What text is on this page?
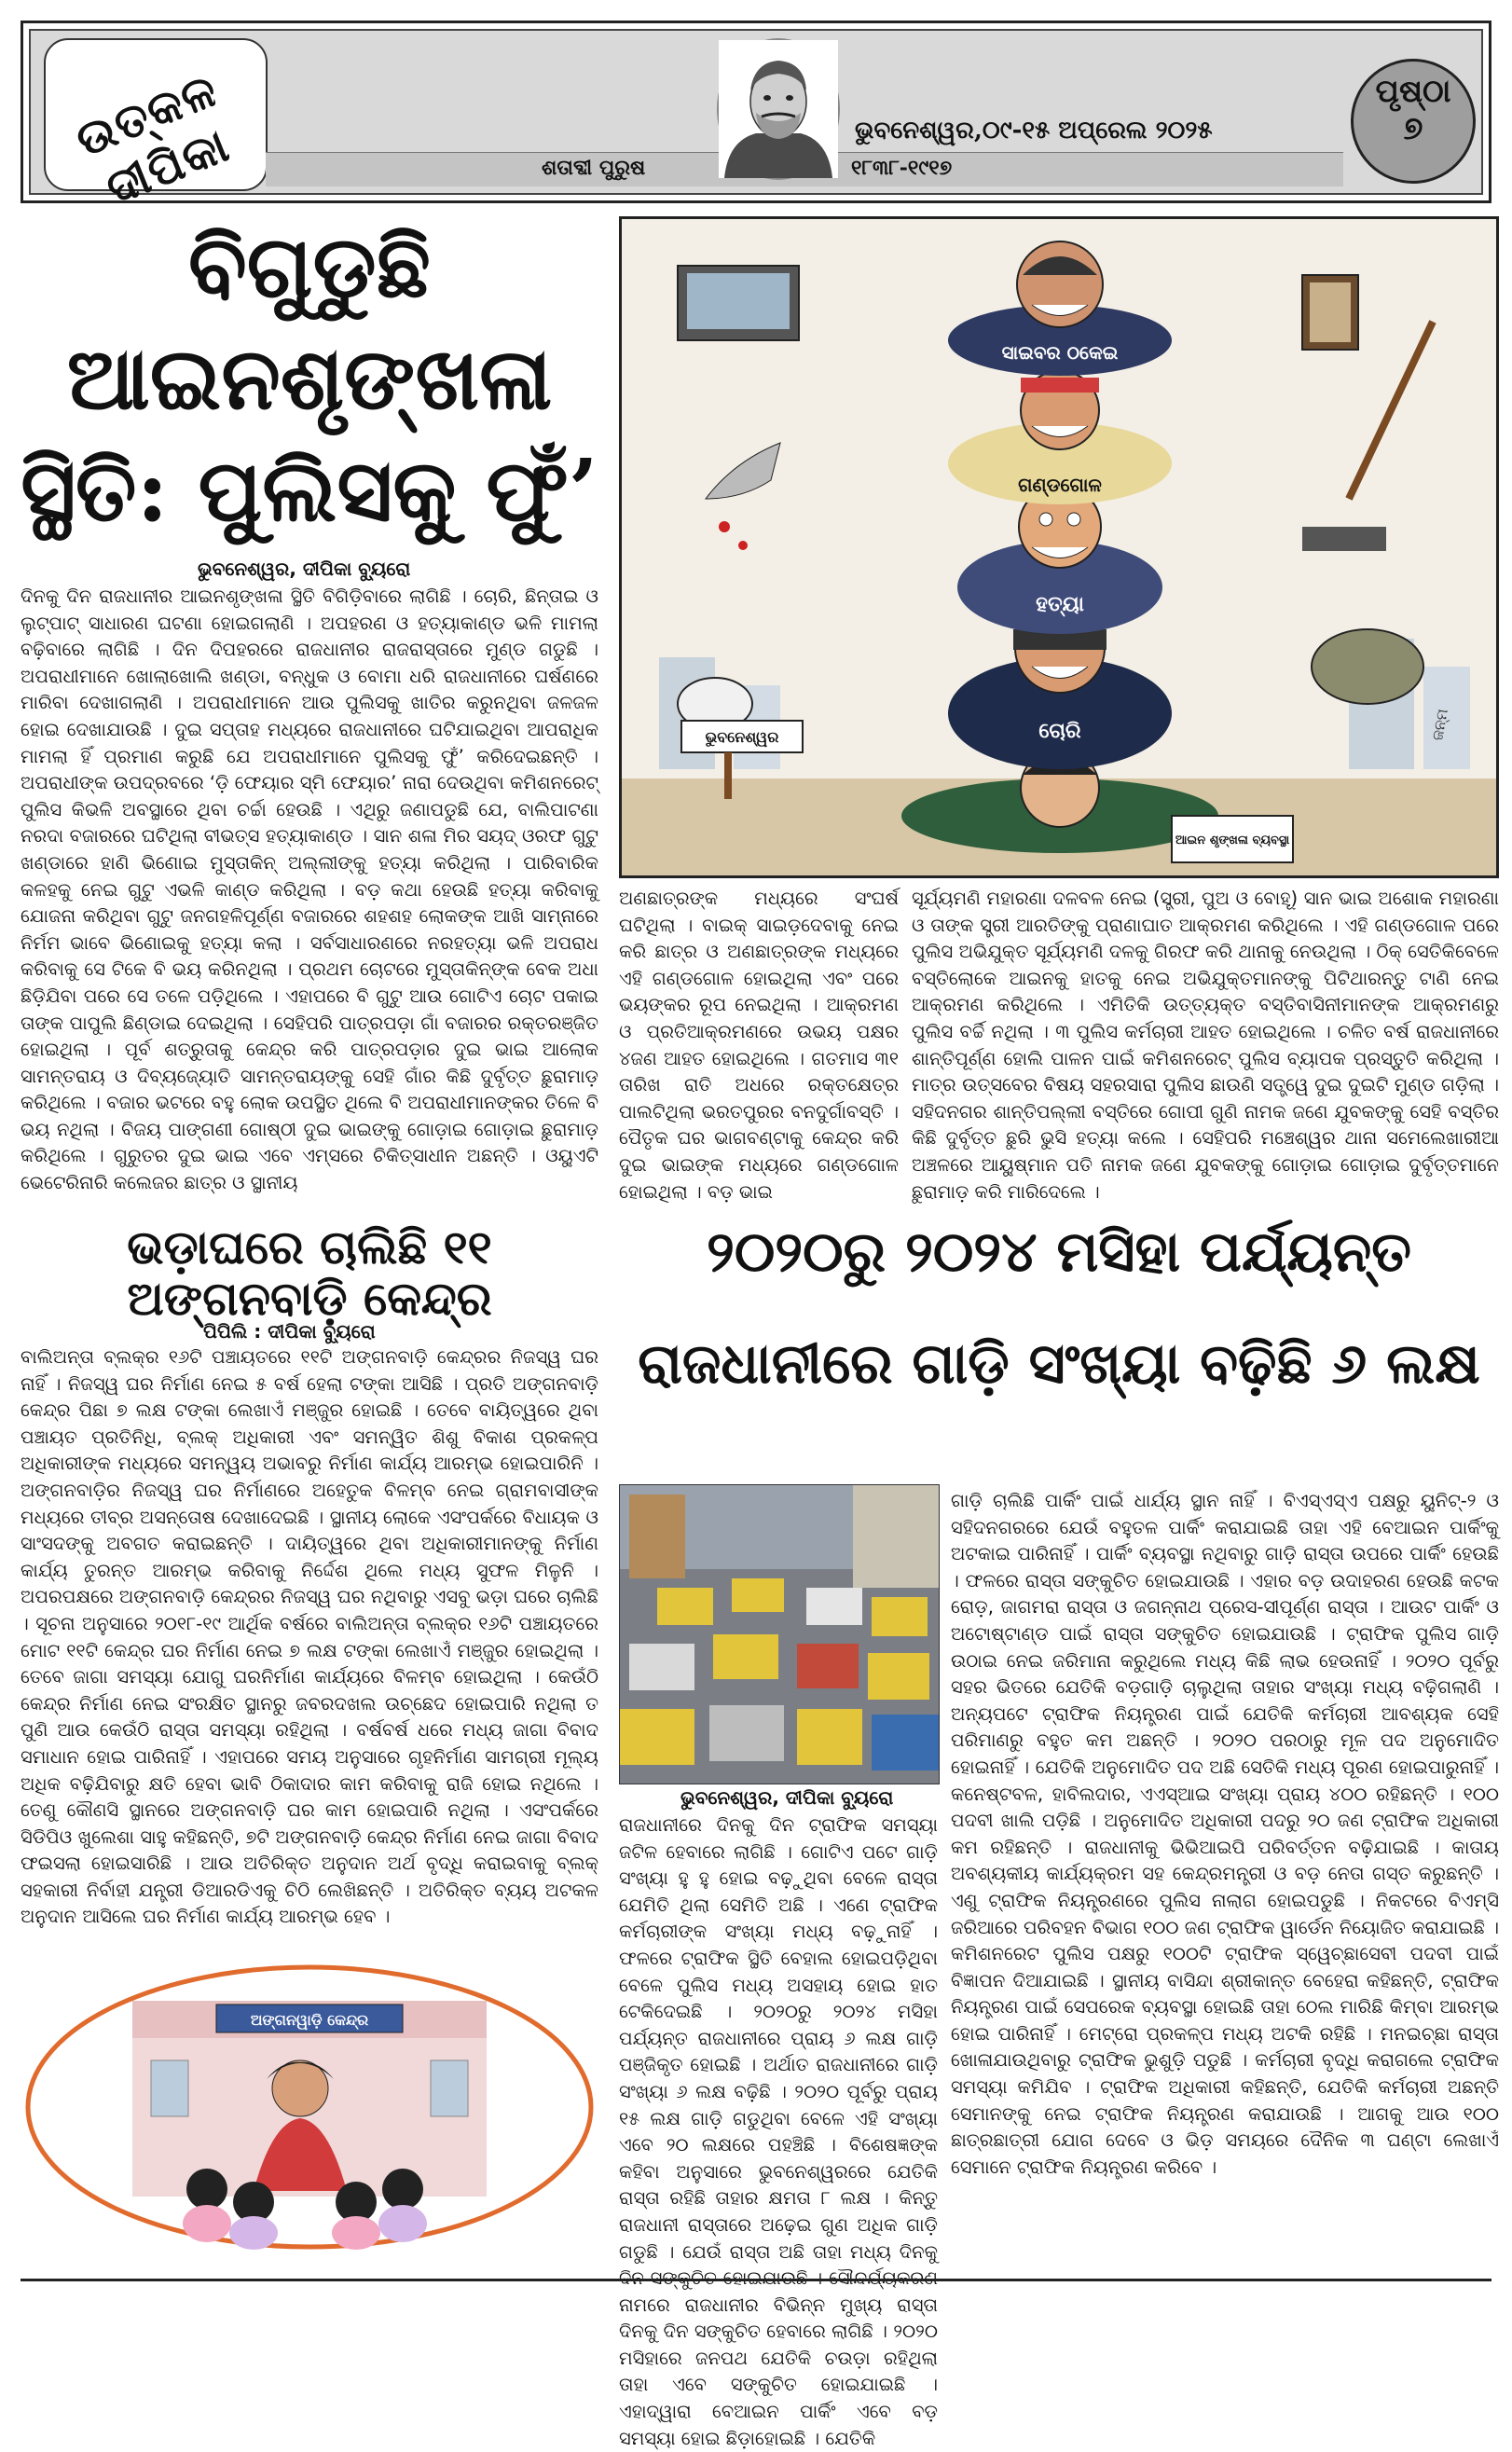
ଉତ୍କଳ ଦୀପିକା	ଶତାବ୍ଦୀ ପୁରୁଷ	୧୮୩୮-୧୯୧୭
ଭୁବନେଶ୍ୱର,୦୯-୧୫ ଅପ୍ରେଲ ୨୦୨୫
ପୃଷ୍ଠା
୭
ବିଗୁଡୁଛି
ଆଇନଶୃଙ୍ଖଳା
ସ୍ଥିତି: ପୁଲିସକୁ ଫୁଁ’
ଭୁବନେଶ୍ୱର, ଦୀପିକା ବ୍ୟୁରୋ
ଦିନକୁ ଦିନ ରାଜଧାନୀର ଆଇନଶୃଙ୍ଖଳା ସ୍ଥିତି ବିଗିଡ଼ିବାରେ ଲାଗିଛି । ଚୋରି, ଛିନ୍ତାଇ ଓ ଲୁଟ୍‌ପାଟ୍ ସାଧାରଣ ଘଟଣା ହୋଇଗଲାଣି । ଅପହରଣ ଓ ହତ୍ୟାକାଣ୍ଡ ଭଳି ମାମଲା ବଢ଼ିବାରେ ଲାଗିଛି । ଦିନ ଦିପହରରେ ରାଜଧାନୀର ରାଜରାସ୍ତାରେ ମୁଣ୍ଡ ଗଡୁଛି । ଅପରାଧୀମାନେ ଖୋଲାଖୋଲି ଖଣ୍ଡା, ବନ୍ଧୁକ ଓ ବୋମା ଧରି ରାଜଧାନୀରେ ଘର୍ଷଣରେ ମାରିବା ଦେଖାଗଲାଣି । ଅପରାଧୀମାନେ ଆଉ ପୁଲିସକୁ ଖାତିର କରୁନଥିବା ଜଳଜଳ ହୋଇ ଦେଖାଯାଉଛି । ଦୁଇ ସପ୍ତାହ ମଧ୍ୟରେ ରାଜଧାନୀରେ ଘଟିଯାଇଥିବା ଆପରାଧିକ ମାମଲା ହିଁ ପ୍ରମାଣ କରୁଛି ଯେ ଅପରାଧୀମାନେ ପୁଲିସକୁ ଫୁଁ’ କରିଦେଇଛନ୍ତି । ଅପରାଧୀଙ୍କ ଉପଦ୍ରବରେ ‘ଡ଼ି ଫେୟାର ସ୍ମି ଫେୟାର’ ନାରା ଦେଉଥିବା କମିଶନରେଟ୍ ପୁଲିସ କିଭଳି ଅବସ୍ଥାରେ ଥିବା ଚର୍ଚ୍ଚା ହେଉଛି । ଏଥିରୁ ଜଣାପଡୁଛି ଯେ, ବାଲିପାଟଣା ନରଦା ବଜାରରେ ଘଟିଥିଲା ବୀଭତ୍ସ ହତ୍ୟାକାଣ୍ଡ । ସାନ ଶଳା ମିର ସୟଦ୍ ଓରଫ ଗୁଟୁ ଖଣ୍ଡାରେ ହାଣି ଭିଣୋଇ ମୁସ୍ତାକିନ୍ ଅଲ୍ଲୀଙ୍କୁ ହତ୍ୟା କରିଥିଲା । ପାରିବାରିକ କଳହକୁ ନେଇ ଗୁଟୁ ଏଭଳି କାଣ୍ଡ କରିଥିଲା । ବଡ଼ କଥା ହେଉଛି ହତ୍ୟା କରିବାକୁ ଯୋଜନା କରିଥିବା ଗୁଟୁ ଜନଗହଳିପୂର୍ଣ୍ଣ ବଜାରରେ ଶହଶହ ଲୋକଙ୍କ ଆଖି ସାମ୍ନାରେ ନିର୍ମମ ଭାବେ ଭିଣୋଇକୁ ହତ୍ୟା କଲା । ସର୍ବସାଧାରଣରେ ନରହତ୍ୟା ଭଳି ଅପରାଧ କରିବାକୁ ସେ ଟିକେ ବି ଭୟ କରିନଥିଲା । ପ୍ରଥମ ଚୋଟରେ ମୁସ୍ତାକିନ୍‌ଙ୍କ ବେକ ଅଧା ଛିଡ଼ିଯିବା ପରେ ସେ ତଳେ ପଡ଼ିଥିଲେ । ଏହାପରେ ବି ଗୁଟୁ ଆଉ ଗୋଟିଏ ଚୋଟ ପକାଇ ତାଙ୍କ ପାପୁଲି ଛିଣ୍ଡାଇ ଦେଇଥିଲା । ସେହିପରି ପାତ୍ରପଡ଼ା ଗାଁ ବଜାରର ରକ୍ତରଞ୍ଜିତ ହୋଇଥିଲା । ପୂର୍ବ ଶତ୍ରୁତାକୁ କେନ୍ଦ୍ର କରି ପାତ୍ରପଡ଼ାର ଦୁଇ ଭାଇ ଆଲୋକ ସାମନ୍ତରାୟ ଓ ଦିବ୍ୟଜ୍ୟୋତି ସାମନ୍ତରାୟଙ୍କୁ ସେହି ଗାଁର କିଛି ଦୁର୍ବୃତ୍ତ ଛୁରାମାଡ଼ କରିଥିଲେ । ବଜାର ଭଟରେ ବହୁ ଲୋକ ଉପସ୍ଥିତ ଥିଲେ ବି ଅପରାଧୀମାନଙ୍କର ତିଳେ ବି ଭୟ ନଥିଲା । ବିଜୟ ପାଙ୍ଗଣୀ ଗୋଷ୍ଠୀ ଦୁଇ ଭାଇଙ୍କୁ ଗୋଡ଼ାଇ ଗୋଡ଼ାଇ ଛୁରାମାଡ଼ କରିଥିଲେ । ଗୁରୁତର ଦୁଇ ଭାଇ ଏବେ ଏମ୍ସରେ ଚିକିତ୍ସାଧୀନ ଅଛନ୍ତି । ଓୟୁଏଟି ଭେଟେରିନାରି କଲେଜର ଛାତ୍ର ଓ ସ୍ଥାନୀୟ
ସାଇବର ଠକେଇ
ଗଣ୍ଡଗୋଳ
ହତ୍ୟା
ଚୋରି
ଭୁବନେଶ୍ୱର
ଆଇନ ଶୃଙ୍ଖଳା ବ୍ୟବସ୍ଥା
ଜନ୍ମ
ଅଣଛାତ୍ରଙ୍କ ମଧ୍ୟରେ ସଂଘର୍ଷ ଘଟିଥିଲା । ବାଇକ୍ ସାଇଡ଼ଦେବାକୁ ନେଇ କରି ଛାତ୍ର ଓ ଅଣଛାତ୍ରଙ୍କ ମଧ୍ୟରେ ଏହି ଗଣ୍ଡଗୋଳ ହୋଇଥିଲା ଏବଂ ପରେ ଭୟଙ୍କର ରୂପ ନେଇଥିଲା । ଆକ୍ରମଣ ଓ ପ୍ରତିଆକ୍ରମଣରେ ଉଭୟ ପକ୍ଷର ୪ଜଣ ଆହତ ହୋଇଥିଲେ । ଗତମାସ ୩୧ ତାରିଖ ରାତି ଅଧରେ ରକ୍ତକ୍ଷେତ୍ର ପାଲଟିଥିଲା ଭରତପୁରର ବନଦୁର୍ଗାବସ୍ତି । ପୈତୃକ ଘର ଭାଗବଣ୍ଟାକୁ କେନ୍ଦ୍ର କରି ଦୁଇ ଭାଇଙ୍କ ମଧ୍ୟରେ ଗଣ୍ଡଗୋଳ ହୋଇଥିଲା । ବଡ଼ ଭାଇ
ସୂର୍ଯ୍ୟମଣି ମହାରଣା ଦଳବଳ ନେଇ (ସ୍ତ୍ରୀ, ପୁଅ ଓ ବୋହୂ) ସାନ ଭାଇ ଅଶୋକ ମହାରଣା ଓ ତାଙ୍କ ସ୍ତ୍ରୀ ଆରତିଙ୍କୁ ପ୍ରାଣାଘାତ ଆକ୍ରମଣ କରିଥିଲେ । ଏହି ଗଣ୍ଡଗୋଳ ପରେ ପୁଲିସ ଅଭିଯୁକ୍ତ ସୂର୍ଯ୍ୟମଣି ଦଳକୁ ଗିରଫ କରି ଥାନାକୁ ନେଉଥିଲା । ଠିକ୍ ସେତିକିବେଳେ ବସ୍ତିଲୋକେ ଆଇନକୁ ହାତକୁ ନେଇ ଅଭିଯୁକ୍ତମାନଙ୍କୁ ପିଟିଥାରନ୍ତୁ ଟାଣି ନେଇ ଆକ୍ରମଣ କରିଥିଲେ । ଏମିତିକି ଉତ୍ତ୍ୟକ୍ତ ବସ୍ତିବାସିନୀମାନଙ୍କ ଆକ୍ରମଣରୁ ପୁଲିସ ବର୍ଚ୍ଚି ନଥିଲା । ୩ ପୁଲିସ କର୍ମଚାରୀ ଆହତ ହୋଇଥିଲେ । ଚଳିତ ବର୍ଷ ରାଜଧାନୀରେ ଶାନ୍ତିପୂର୍ଣ୍ଣ ହୋଲି ପାଳନ ପାଇଁ କମିଶନରେଟ୍ ପୁଲିସ ବ୍ୟାପକ ପ୍ରସ୍ତୁତି କରିଥିଲା । ମାତ୍ର ଉତ୍ସବେର ବିଷୟ ସହରସାରା ପୁଲିସ ଛାଉଣି ସତ୍ତ୍ୱେ ଦୁଇ ଦୁଇଟି ମୁଣ୍ଡ ଗଡ଼ିଲା । ସହିଦନଗର ଶାନ୍ତିପଲ୍ଲୀ ବସ୍ତିରେ ଗୋପୀ ଗୁଣି ନାମକ ଜଣେ ଯୁବକଙ୍କୁ ସେହି ବସ୍ତିର କିଛି ଦୁର୍ବୃତ୍ତ ଛୁରି ଭୁସି ହତ୍ୟା କଲେ । ସେହିପରି ମଞ୍ଚେଶ୍ୱର ଥାନା ସମେଲେଖାରୀଆ ଅଞ୍ଚଳରେ ଆୟୁଷ୍ମାନ ପତି ନାମକ ଜଣେ ଯୁବକଙ୍କୁ ଗୋଡ଼ାଇ ଗୋଡ଼ାଇ ଦୁର୍ବୃତ୍ତମାନେ ଛୁରାମାଡ଼ କରି ମାରିଦେଲେ ।
ଭଡ଼ାଘରେ ଚାଲିଛି ୧୧ ଅଙ୍ଗନବାଡ଼ି କେନ୍ଦ୍ର
ପିପିଲି : ଦୀପିକା ବ୍ୟୁରୋ
ବାଲିଅନ୍ତା ବ୍ଲକ୍‌ର ୧୬ଟି ପଞ୍ଚାୟତରେ ୧୧ଟି ଅଙ୍ଗନବାଡ଼ି କେନ୍ଦ୍ରର ନିଜସ୍ୱ ଘର ନାହିଁ । ନିଜସ୍ୱ ଘର ନିର୍ମାଣ ନେଇ ୫ ବର୍ଷ ହେଲା ଟଙ୍କା ଆସିଛି । ପ୍ରତି ଅଙ୍ଗନବାଡ଼ି କେନ୍ଦ୍ର ପିଛା ୭ ଲକ୍ଷ ଟଙ୍କା ଲେଖାଏଁ ମଞ୍ଜୁର ହୋଇଛି । ତେବେ ବାୟିତ୍ୱରେ ଥିବା ପଞ୍ଚାୟତ ପ୍ରତିନିଧି, ବ୍ଲକ୍ ଅଧିକାରୀ ଏବଂ ସମନ୍ୱିତ ଶିଶୁ ବିକାଶ ପ୍ରକଳ୍ପ ଅଧିକାରୀଙ୍କ ମଧ୍ୟରେ ସମନ୍ୱୟ ଅଭାବରୁ ନିର୍ମାଣ କାର୍ଯ୍ୟ ଆରମ୍ଭ ହୋଇପାରିନି । ଅଙ୍ଗନବାଡ଼ିର ନିଜସ୍ୱ ଘର ନିର୍ମାଣରେ ଅହେତୁକ ବିଳମ୍ବ ନେଇ ଗ୍ରାମବାସୀଙ୍କ ମଧ୍ୟରେ ତୀବ୍ର ଅସନ୍ତୋଷ ଦେଖାଦେଇଛି । ସ୍ଥାନୀୟ ଲୋକେ ଏସଂପର୍କରେ ବିଧାୟକ ଓ ସାଂସଦଙ୍କୁ ଅବଗତ କରାଇଛନ୍ତି । ଦାୟିତ୍ୱରେ ଥିବା ଅଧିକାରୀମାନଙ୍କୁ ନିର୍ମାଣ କାର୍ଯ୍ୟ ତୁରନ୍ତ ଆରମ୍ଭ କରିବାକୁ ନିର୍ଦ୍ଦେଶ ଥିଲେ ମଧ୍ୟ ସୁଫଳ ମିଳୁନି । ଅପରପକ୍ଷରେ ଅଙ୍ଗନବାଡ଼ି କେନ୍ଦ୍ରର ନିଜସ୍ୱ ଘର ନଥିବାରୁ ଏସବୁ ଭଡ଼ା ଘରେ ଚାଲିଛି । ସୂଚନା ଅନୁସାରେ ୨୦୧୮-୧୯ ଆର୍ଥିକ ବର୍ଷରେ ବାଲିଅନ୍ତା ବ୍ଲକ୍‌ର ୧୬ଟି ପଞ୍ଚାୟତରେ ମୋଟ ୧୧ଟି କେନ୍ଦ୍ର ଘର ନିର୍ମାଣ ନେଇ ୭ ଲକ୍ଷ ଟଙ୍କା ଲେଖାଏଁ ମଞ୍ଜୁର ହୋଇଥିଲା । ତେବେ ଜାଗା ସମସ୍ୟା ଯୋଗୁ ଘରନିର୍ମାଣ କାର୍ଯ୍ୟରେ ବିଳମ୍ବ ହୋଇଥିଲା । କେଉଁଠି କେନ୍ଦ୍ର ନିର୍ମାଣ ନେଇ ସଂରକ୍ଷିତ ସ୍ଥାନରୁ ଜବରଦଖଲ ଉଚ୍ଛେଦ ହୋଇପାରି ନଥିଲା ତ ପୁଣି ଆଉ କେଉଁଠି ରାସ୍ତା ସମସ୍ୟା ରହିଥିଲା । ବର୍ଷବର୍ଷ ଧରେ ମଧ୍ୟ ଜାଗା ବିବାଦ ସମାଧାନ ହୋଇ ପାରିନାହିଁ । ଏହାପରେ ସମୟ ଅନୁସାରେ ଗୃହନିର୍ମାଣ ସାମଗ୍ରୀ ମୂଲ୍ୟ ଅଧିକ ବଢ଼ିଯିବାରୁ କ୍ଷତି ହେବା ଭାବି ଠିକାଦାର କାମ କରିବାକୁ ରାଜି ହୋଇ ନଥିଲେ । ତେଣୁ କୌଣସି ସ୍ଥାନରେ ଅଙ୍ଗନବାଡ଼ି ଘର କାମ ହୋଇପାରି ନଥିଲା । ଏସଂପର୍କରେ ସିଡିପିଓ ଖୁଲେଶା ସାହୁ କହିଛନ୍ତି, ୭ଟି ଅଙ୍ଗନବାଡ଼ି କେନ୍ଦ୍ର ନିର୍ମାଣ ନେଇ ଜାଗା ବିବାଦ ଫଇସଲା ହୋଇସାରିଛି । ଆଉ ଅତିରିକ୍ତ ଅନୁଦାନ ଅର୍ଥ ବୃଦ୍ଧି କରାଇବାକୁ ବ୍ଲକ୍ ସହକାରୀ ନିର୍ବାହୀ ଯନ୍ତ୍ରୀ ଡିଆରଡିଏକୁ ଚିଠି ଲେଖିଛନ୍ତି । ଅତିରିକ୍ତ ବ୍ୟୟ ଅଟକଳ ଅନୁଦାନ ଆସିଲେ ଘର ନିର୍ମାଣ କାର୍ଯ୍ୟ ଆରମ୍ଭ ହେବ ।
ଅଙ୍ଗନୱାଡ଼ି କେନ୍ଦ୍ର
୨୦୨୦ରୁ ୨୦୨୪ ମସିହା ପର୍ଯ୍ୟନ୍ତ
ରାଜଧାନୀରେ ଗାଡ଼ି ସଂଖ୍ୟା ବଢ଼ିଛି ୬ ଲକ୍ଷ
ଗାଡ଼ି ଚାଲିଛି ପାର୍କିଂ ପାଇଁ ଧାର୍ଯ୍ୟ ସ୍ଥାନ ନାହିଁ । ବିଏସ୍‌ଏସ୍‌ଏ ପକ୍ଷରୁ ୟୁନିଟ୍-୨ ଓ ସହିଦନଗରରେ ଯେଉଁ ବହୁତଳ ପାର୍କିଂ କରାଯାଇଛି ତାହା ଏହି ବେଆଇନ ପାର୍କିଂକୁ ଅଟକାଇ ପାରିନାହିଁ । ପାର୍କିଂ ବ୍ୟବସ୍ଥା ନଥିବାରୁ ଗାଡ଼ି ରାସ୍ତା ଉପରେ ପାର୍କିଂ ହେଉଛି । ଫଳରେ ରାସ୍ତା ସଙ୍କୁଚିତ ହୋଇଯାଉଛି । ଏହାର ବଡ଼ ଉଦାହରଣ ହେଉଛି କଟକ ରୋଡ଼, ଜାଗମରା ରାସ୍ତା ଓ ଜଗନ୍ନାଥ ପ୍ରେସ-ସୀପୂର୍ଣ୍ଣ ରାସ୍ତା । ଆଉଟ ପାର୍କିଂ ଓ ଅଟୋଷ୍ଟାଣ୍ଡ ପାଇଁ ରାସ୍ତା ସଙ୍କୁଚିତ ହୋଇଯାଉଛି । ଟ୍ରାଫିକ ପୁଲିସ ଗାଡ଼ି ଉଠାଇ ନେଇ ଜରିମାନା କରୁଥିଲେ ମଧ୍ୟ କିଛି ଲାଭ ହେଉନାହିଁ । ୨୦୨୦ ପୂର୍ବରୁ ସହର ଭିତରେ ଯେତିକି ବଡ଼ଗାଡ଼ି ଚାଲୁଥିଲା ତାହାର ସଂଖ୍ୟା ମଧ୍ୟ ବଢ଼ିଗଲାଣି । ଅନ୍ୟପଟେ ଟ୍ରାଫିକ ନିୟନ୍ତ୍ରଣ ପାଇଁ ଯେତିକି କର୍ମଚାରୀ ଆବଶ୍ୟକ ସେହି ପରିମାଣରୁ ବହୁତ କମ ଅଛନ୍ତି । ୨୦୨୦ ପରଠାରୁ ମୂଳ ପଦ ଅନୁମୋଦିତ ହୋଇନାହିଁ । ଯେତିକି ଅନୁମୋଦିତ ପଦ ଅଛି ସେତିକି ମଧ୍ୟ ପୂରଣ ହୋଇପାରୁନାହିଁ । କନେଷ୍ଟବଳ, ହାବିଲଦାର, ଏଏସ୍‌ଆଇ ସଂଖ୍ୟା ପ୍ରାୟ ୪୦୦ ରହିଛନ୍ତି । ୧୦୦ ପଦବୀ ଖାଲି ପଡ଼ିଛି । ଅନୁମୋଦିତ ଅଧିକାରୀ ପଦରୁ ୨୦ ଜଣ ଟ୍ରାଫିକ ଅଧିକାରୀ କମ ରହିଛନ୍ତି । ରାଜଧାନୀକୁ ଭିଭିଆଇପି ପରିବର୍ତ୍ତନ ବଢ଼ିଯାଇଛି । କାତାୟ ଅବଶ୍ୟକୀୟ କାର୍ଯ୍ୟକ୍ରମ ସହ କେନ୍ଦ୍ରମନ୍ତ୍ରୀ ଓ ବଡ଼ ନେତା ଗସ୍ତ କରୁଛନ୍ତି । ଏଣୁ ଟ୍ରାଫିକ ନିୟନ୍ତ୍ରଣରେ ପୁଲିସ ନାଲାଗ ହୋଇପଡୁଛି । ନିକଟରେ ବିଏମ୍‌ସି ଜରିଆରେ ପରିବହନ ବିଭାଗ ୧୦୦ ଜଣ ଟ୍ରାଫିକ ୱାର୍ଡେନ ନିୟୋଜିତ କରାଯାଇଛି । କମିଶନରେଟ ପୁଲିସ ପକ୍ଷରୁ ୧୦୦ଟି ଟ୍ରାଫିକ ସ୍ୱେଚ୍ଛାସେବୀ ପଦବୀ ପାଇଁ ବିଜ୍ଞାପନ ଦିଆଯାଇଛି । ସ୍ଥାନୀୟ ବାସିନ୍ଦା ଶ୍ରୀକାନ୍ତ ବେହେରା କହିଛନ୍ତି, ଟ୍ରାଫିକ ନିୟନ୍ତ୍ରଣ ପାଇଁ ସେପରେକ ବ୍ୟବସ୍ଥା ହୋଇଛି ତାହା ଠେଲ ମାରିଛି କିମ୍ବା ଆରମ୍ଭ ହୋଇ ପାରିନାହିଁ । ମେଟ୍ରୋ ପ୍ରକଳ୍ପ ମଧ୍ୟ ଅଟକି ରହିଛି । ମନଇଚ୍ଛା ରାସ୍ତା ଖୋଳାଯାଉଥିବାରୁ ଟ୍ରାଫିକ ଭୁଶୁଡ଼ି ପଡୁଛି । କର୍ମଚାରୀ ବୃଦ୍ଧି କରାଗଲେ ଟ୍ରାଫିକ ସମସ୍ୟା କମିଯିବ । ଟ୍ରାଫିକ ଅଧିକାରୀ କହିଛନ୍ତି, ଯେତିକି କର୍ମଚାରୀ ଅଛନ୍ତି ସେମାନଙ୍କୁ ନେଇ ଟ୍ରାଫିକ ନିୟନ୍ତ୍ରଣ କରାଯାଉଛି । ଆଗକୁ ଆଉ ୧୦୦ ଛାତ୍ରଛାତ୍ରୀ ଯୋଗ ଦେବେ ଓ ଭିଡ଼ ସମୟରେ ଦୈନିକ ୩ ଘଣ୍ଟା ଲେଖାଏଁ ସେମାନେ ଟ୍ରାଫିକ ନିୟନ୍ତ୍ରଣ କରିବେ ।
ଭୁବନେଶ୍ୱର, ଦୀପିକା ବ୍ୟୁରୋ
ରାଜଧାନୀରେ ଦିନକୁ ଦିନ ଟ୍ରାଫିକ ସମସ୍ୟା ଜଟିଳ ହେବାରେ ଲାଗିଛି । ଗୋଟିଏ ପଟେ ଗାଡ଼ି ସଂଖ୍ୟା ହୁ ହୁ ହୋଇ ବଢ଼ୁଥିବା ବେଳେ ରାସ୍ତା ଯେମିତି ଥିଲା ସେମିତି ଅଛି । ଏଣେ ଟ୍ରାଫିକ କର୍ମଚାରୀଙ୍କ ସଂଖ୍ୟା ମଧ୍ୟ ବଢ଼ୁନାହିଁ । ଫଳରେ ଟ୍ରାଫିକ ସ୍ଥିତି ବେହାଲ ହୋଇପଡ଼ିଥିବା ବେଳେ ପୁଲିସ ମଧ୍ୟ ଅସହାୟ ହୋଇ ହାତ ଟେକିଦେଇଛି । ୨୦୨୦ରୁ ୨୦୨୪ ମସିହା ପର୍ଯ୍ୟନ୍ତ ରାଜଧାନୀରେ ପ୍ରାୟ ୬ ଲକ୍ଷ ଗାଡ଼ି ପଞ୍ଜିକୃତ ହୋଇଛି । ଅର୍ଥାତ ରାଜଧାନୀରେ ଗାଡ଼ି ସଂଖ୍ୟା ୬ ଲକ୍ଷ ବଢ଼ିଛି । ୨୦୨୦ ପୂର୍ବରୁ ପ୍ରାୟ ୧୫ ଲକ୍ଷ ଗାଡ଼ି ଗଡୁଥିବା ବେଳେ ଏହି ସଂଖ୍ୟା ଏବେ ୨୦ ଲକ୍ଷରେ ପହଞ୍ଚିଛି । ବିଶେଷଜ୍ଞଙ୍କ କହିବା ଅନୁସାରେ ଭୁବନେଶ୍ୱରରେ ଯେତିକି ରାସ୍ତା ରହିଛି ତାହାର କ୍ଷମତା ୮ ଲକ୍ଷ । କିନ୍ତୁ ରାଜଧାନୀ ରାସ୍ତାରେ ଅଢ଼େଇ ଗୁଣ ଅଧିକ ଗାଡ଼ି ଗଡୁଛି । ଯେଉଁ ରାସ୍ତା ଅଛି ତାହା ମଧ୍ୟ ଦିନକୁ ନାମରେ ରାଜଧାନୀର ବିଭିନ୍ନ ମୁଖ୍ୟ ରାସ୍ତା ଦିନକୁ ଦିନ ସଙ୍କୁଚିତ ହେବାରେ ଲାଗିଛି । ୨୦୨୦ ମସିହାରେ ଜନପଥ ଯେତିକି ଚଉଡ଼ା ରହିଥିଲା ତାହା ଏବେ ସଙ୍କୁଚିତ ହୋଇଯାଇଛି । ଏହାଦ୍ୱାରା ବେଆଇନ ପାର୍କିଂ ଏବେ ବଡ଼ ସମସ୍ୟା ହୋଇ ଛିଡ଼ାହୋଇଛି । ଯେତିକି
